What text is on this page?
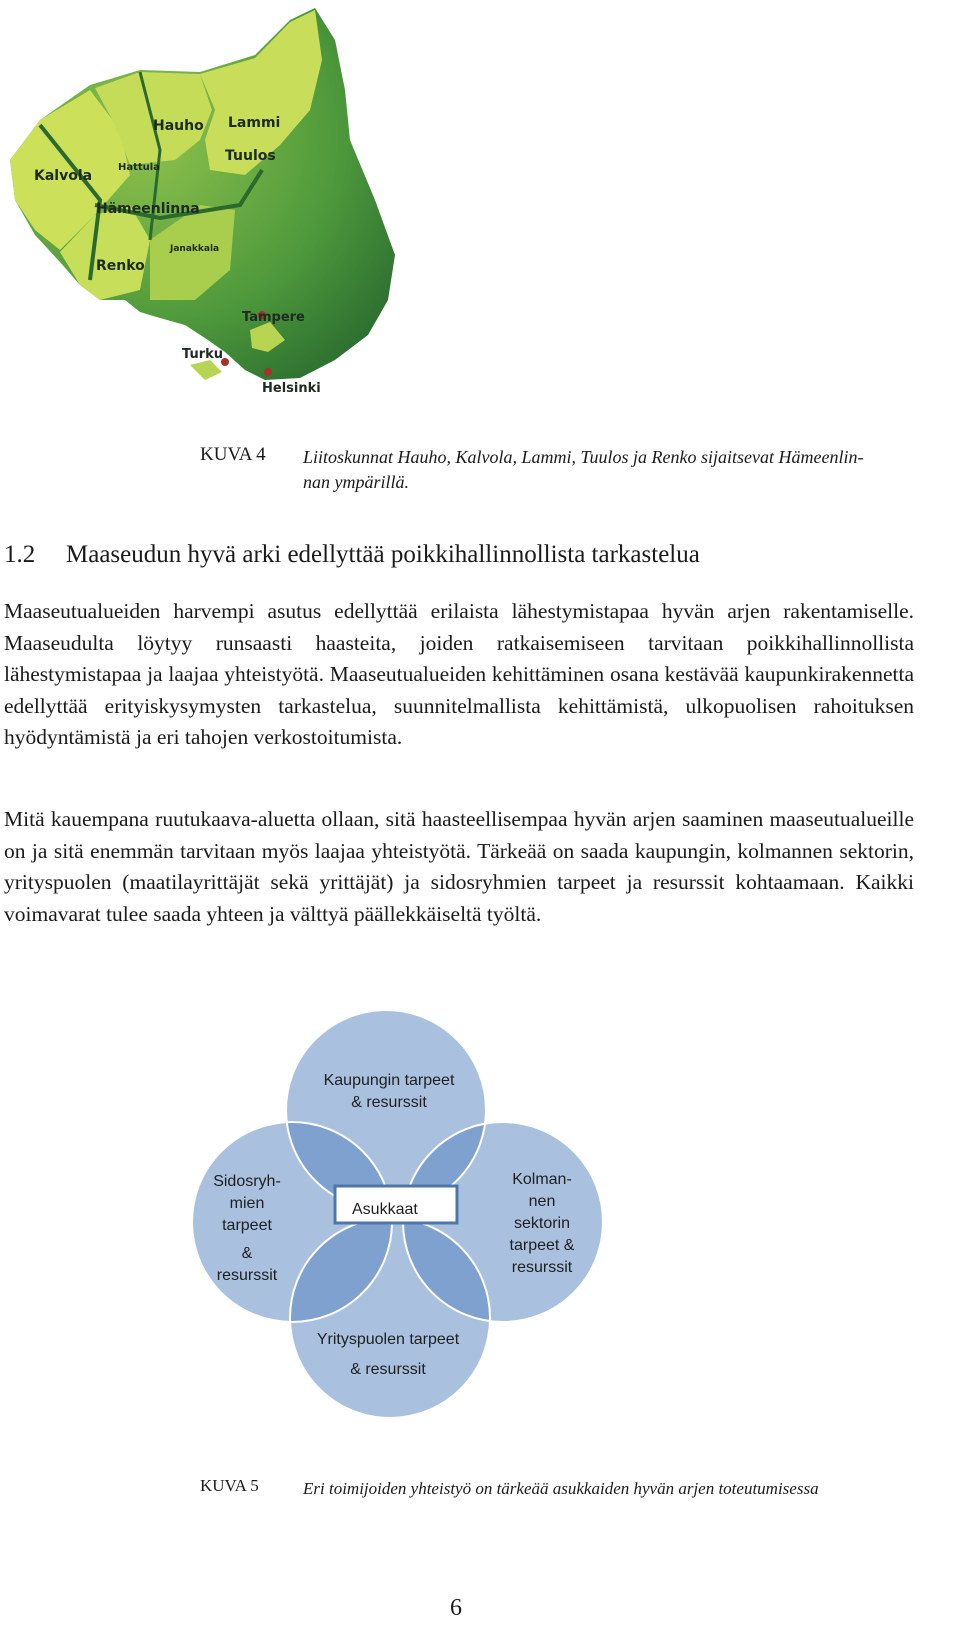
Hauho Lammi
Tuulos
Kalvola
Hattula
Hämeenlinna
Janakkala
Renko
Tampere
Turku
Helsinki
KUVA 4 Liitoskunnat Hauho, Kalvola, Lammi, Tuulos ja Renko sijaitsevat Hämeenlin-
nan ympärillä.
1.2 Maaseudun hyvä arki edellyttää poikkihallinnollista tarkastelua

Maaseutualueiden harvempi asutus edellyttää erilaista lähestymistapaa hyvän arjen rakentamiselle. Maaseudulta löytyy runsaasti haasteita, joiden ratkaisemiseen tarvitaan poikkihallinnollista lähestymistapaa ja laajaa yhteistyötä. Maaseutualueiden kehittäminen osana kestävää kaupunkirakennetta edellyttää erityiskysymysten tarkastelua, suunnitelmallista kehittämistä, ulkopuolisen rahoituksen hyödyntämistä ja eri tahojen verkostoitumista.

Mitä kauempana ruutukaava-aluetta ollaan, sitä haasteellisempaa hyvän arjen saaminen maaseutualueille on ja sitä enemmän tarvitaan myös laajaa yhteistyötä. Tärkeää on saada kaupungin, kolmannen sektorin, yrityspuolen (maatilayrittäjät sekä yrittäjät) ja sidosryhmien tarpeet ja resurssit kohtaamaan. Kaikki voimavarat tulee saada yhteen ja välttyä päällekkäiseltä työltä.

Asukkaat
Kaupungin tarpeet
& resurssit
Sidosryh-
mien
tarpeet
&
resurssit
Kolman-
nen
sektorin
tarpeet &
resurssit
Yrityspuolen tarpeet
& resurssit
KUVA 5	Eri toimijoiden yhteistyö on tärkeää asukkaiden hyvän arjen toteutumisessa
6
